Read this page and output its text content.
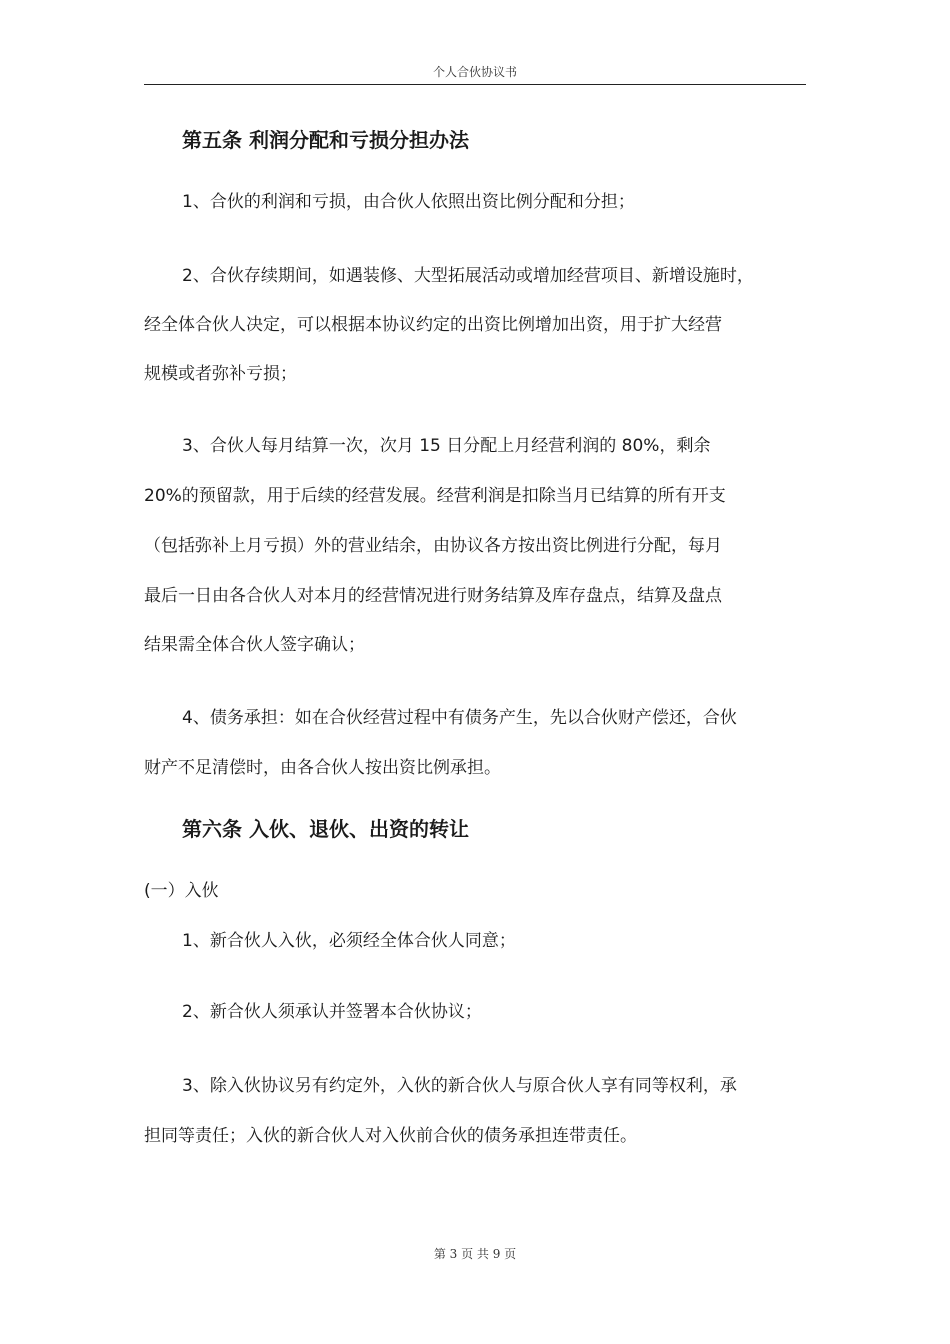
个人合伙协议书
第五条 利润分配和亏损分担办法

1、合伙的利润和亏损，由合伙人依照出资比例分配和分担；

2、合伙存续期间，如遇装修、大型拓展活动或增加经营项目、新增设施时，

经全体合伙人决定，可以根据本协议约定的出资比例增加出资，用于扩大经营

规模或者弥补亏损；

3、合伙人每月结算一次，次月 15 日分配上月经营利润的 80%，剩余

20%的预留款，用于后续的经营发展。经营利润是扣除当月已结算的所有开支

（包括弥补上月亏损）外的营业结余，由协议各方按出资比例进行分配，每月

最后一日由各合伙人对本月的经营情况进行财务结算及库存盘点，结算及盘点

结果需全体合伙人签字确认；

4、债务承担：如在合伙经营过程中有债务产生，先以合伙财产偿还，合伙

财产不足清偿时，由各合伙人按出资比例承担。

第六条 入伙、退伙、出资的转让

(一）入伙

1、新合伙人入伙，必须经全体合伙人同意；

2、新合伙人须承认并签署本合伙协议；

3、除入伙协议另有约定外，入伙的新合伙人与原合伙人享有同等权利，承

担同等责任；入伙的新合伙人对入伙前合伙的债务承担连带责任。

第 3 页 共 9 页
